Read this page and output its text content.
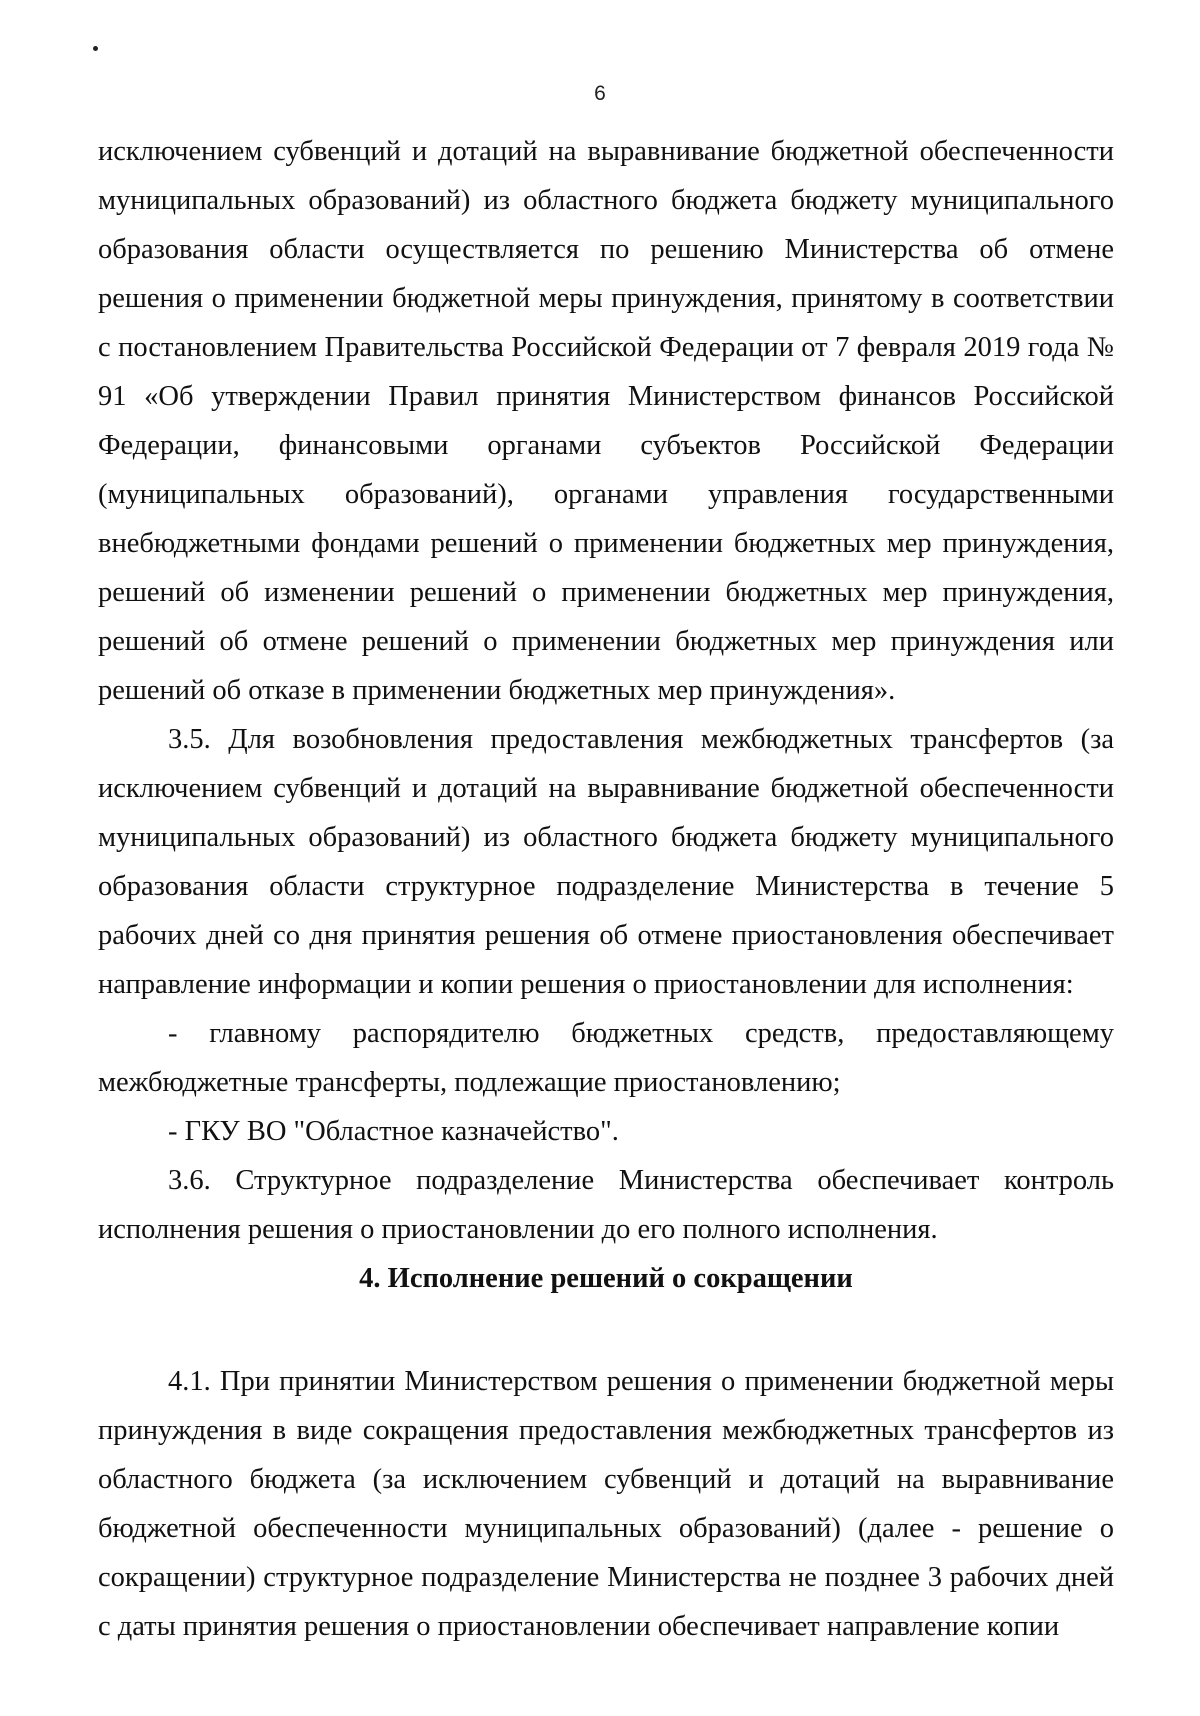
6

исключением субвенций и дотаций на выравнивание бюджетной обеспеченности муниципальных образований) из областного бюджета бюджету муниципального образования области осуществляется по решению Министерства об отмене решения о применении бюджетной меры принуждения, принятому в соответствии с постановлением Правительства Российской Федерации от 7 февраля 2019 года № 91 «Об утверждении Правил принятия Министерством финансов Российской Федерации, финансовыми органами субъектов Российской Федерации (муниципальных образований), органами управления государственными внебюджетными фондами решений о применении бюджетных мер принуждения, решений об изменении решений о применении бюджетных мер принуждения, решений об отмене решений о применении бюджетных мер принуждения или решений об отказе в применении бюджетных мер принуждения».

3.5. Для возобновления предоставления межбюджетных трансфертов (за исключением субвенций и дотаций на выравнивание бюджетной обеспеченности муниципальных образований) из областного бюджета бюджету муниципального образования области структурное подразделение Министерства в течение 5 рабочих дней со дня принятия решения об отмене приостановления обеспечивает направление информации и копии решения о приостановлении для исполнения:

- главному распорядителю бюджетных средств, предоставляющему межбюджетные трансферты, подлежащие приостановлению;

- ГКУ ВО "Областное казначейство".

3.6. Структурное подразделение Министерства обеспечивает контроль исполнения решения о приостановлении до его полного исполнения.

4. Исполнение решений о сокращении

4.1. При принятии Министерством решения о применении бюджетной меры принуждения в виде сокращения предоставления межбюджетных трансфертов из областного бюджета (за исключением субвенций и дотаций на выравнивание бюджетной обеспеченности муниципальных образований) (далее - решение о сокращении) структурное подразделение Министерства не позднее 3 рабочих дней с даты принятия решения о приостановлении обеспечивает направление копии
